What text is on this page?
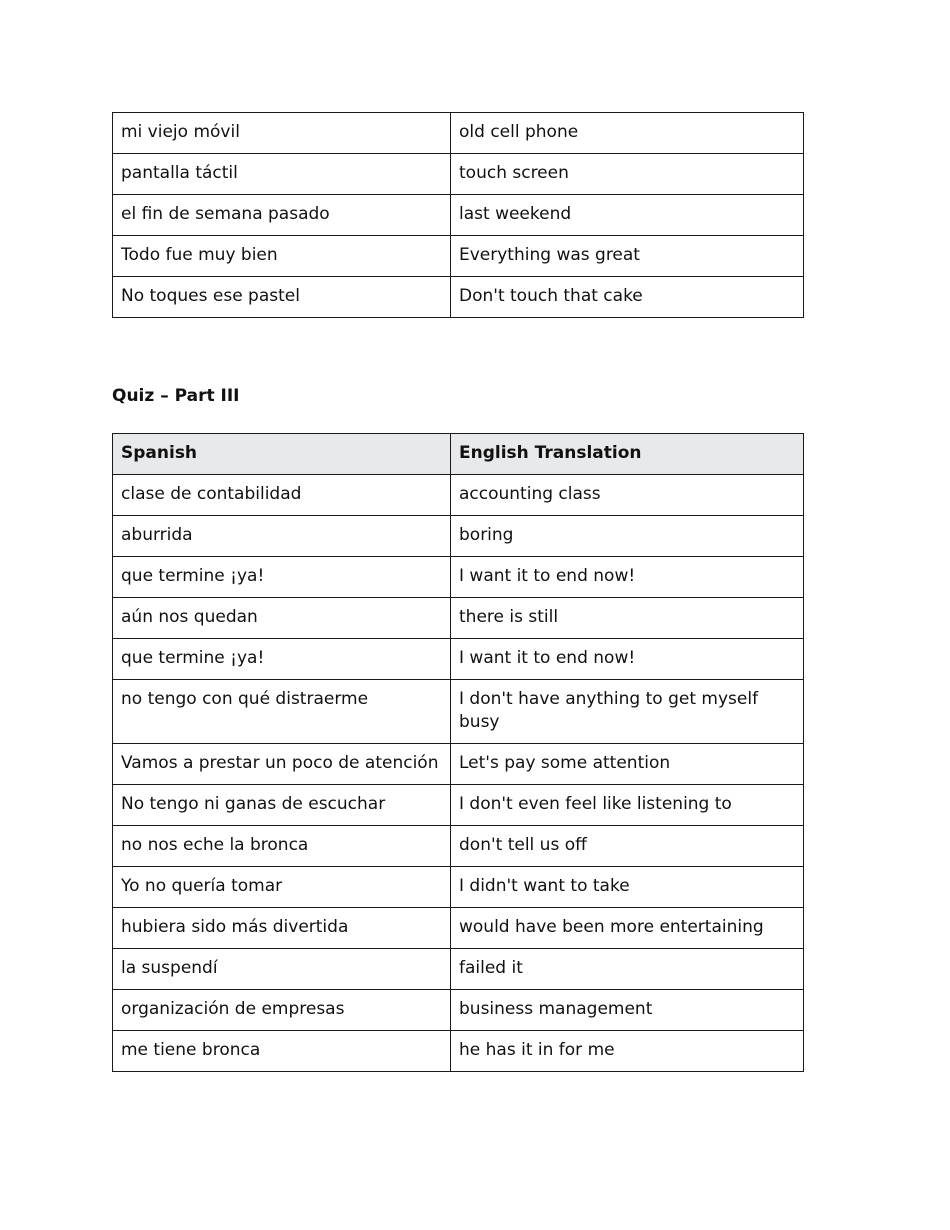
mi viejo móvil	old cell phone
pantalla táctil	touch screen
el fin de semana pasado	last weekend
Todo fue muy bien	Everything was great
No toques ese pastel	Don't touch that cake
Quiz – Part III
Spanish	English Translation
clase de contabilidad	accounting class
aburrida	boring
que termine ¡ya!	I want it to end now!
aún nos quedan	there is still
que termine ¡ya!	I want it to end now!
no tengo con qué distraerme	I don't have anything to get myself busy
Vamos a prestar un poco de atención	Let's pay some attention
No tengo ni ganas de escuchar	I don't even feel like listening to
no nos eche la bronca	don't tell us off
Yo no quería tomar	I didn't want to take
hubiera sido más divertida	would have been more entertaining
la suspendí	failed it
organización de empresas	business management
me tiene bronca	he has it in for me
